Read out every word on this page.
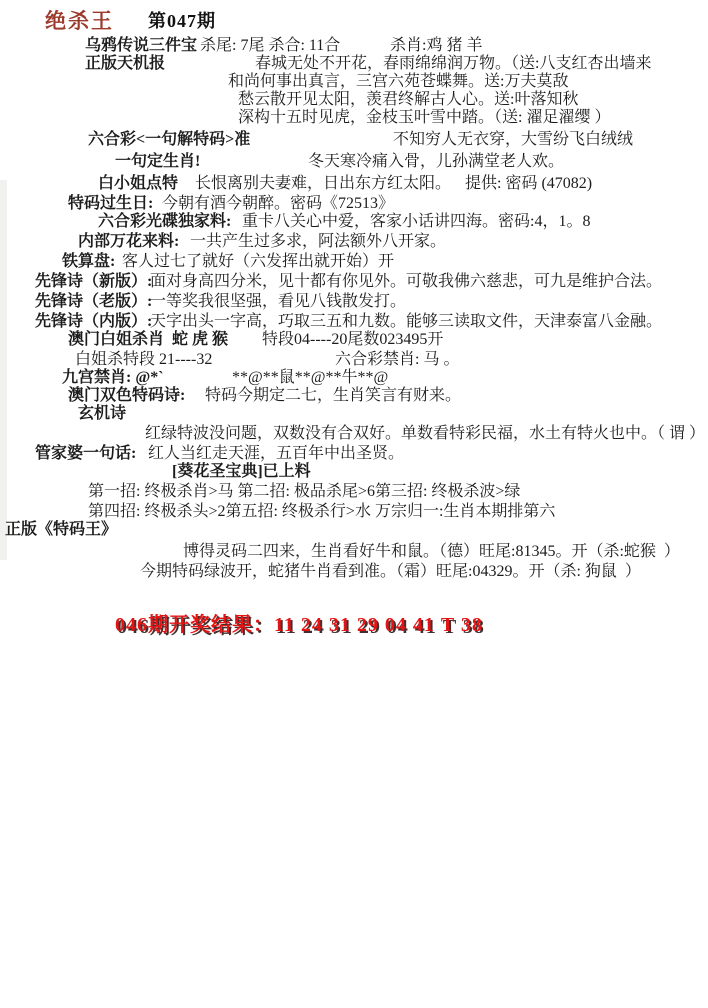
绝杀王 第047期
乌鸦传说三件宝 杀尾: 7尾 杀合: 11合	杀肖:鸡 猪 羊
正版天机报	春城无处不开花，春雨绵绵润万物。（送:八支红杏出墙来
和尚何事出真言，三宫六苑苍蝶舞。送:万夫莫敌
愁云散开见太阳，羡君终解古人心。送:叶落知秋
深构十五时见虎，金枝玉叶雪中踏。（送: 濯足濯缨 ）
六合彩<一句解特码>准	不知穷人无衣穿，大雪纷飞白绒绒
一句定生肖!	冬天寒冷痛入骨，儿孙满堂老人欢。
白小姐点特 长恨离别夫妻难，日出东方红太阳。 提供: 密码 (47082)
特码过生日: 今朝有酒今朝醉。密码《72513》
六合彩光碟独家料: 重卡八关心中爱，客家小话讲四海。 密码:4，1。8
内部万花来料: 一共产生过多求，阿法额外八开家。
铁算盘: 客人过七了就好（六发挥出就开始）开
先锋诗（新版）:
面对身高四分米，见十都有你见外。可敬我佛六慈悲，可九是维护合法。
先锋诗（老版）:
一等奖我很坚强，看见八钱散发打。
先锋诗（内版）:
天字出头一字高，巧取三五和九数。能够三读取文件，天津泰富八金融。
澳门白姐杀肖 蛇 虎 猴 特段04----20尾数023495开
白姐杀特段 21----32	六合彩禁肖: 马 。
九宫禁肖: @*`	**@**鼠**@**牛**@
澳门双色特码诗: 特码今期定二七，生肖笑言有财来。
玄机诗
红绿特波没问题，双数没有合双好。单数看特彩民福，水土有特火也中。（ 谓 ）
管家婆一句话: 红人当红走天涯，五百年中出圣贤。
[葵花圣宝典]已上料
第一招: 终极杀肖>马 第二招: 极品杀尾>6第三招: 终极杀波>绿
第四招: 终极杀头>2第五招: 终极杀行>水 万宗归一:生肖本期排第六
正版《特码王》
博得灵码二四来，生肖看好牛和鼠。（德）旺尾:81345。开（杀:蛇猴  ）
今期特码绿波开，蛇猪牛肖看到准。（霜）旺尾:04329。开（杀: 狗鼠  ）
046期开奖结果：11 24 31 29 04 41 T 38
